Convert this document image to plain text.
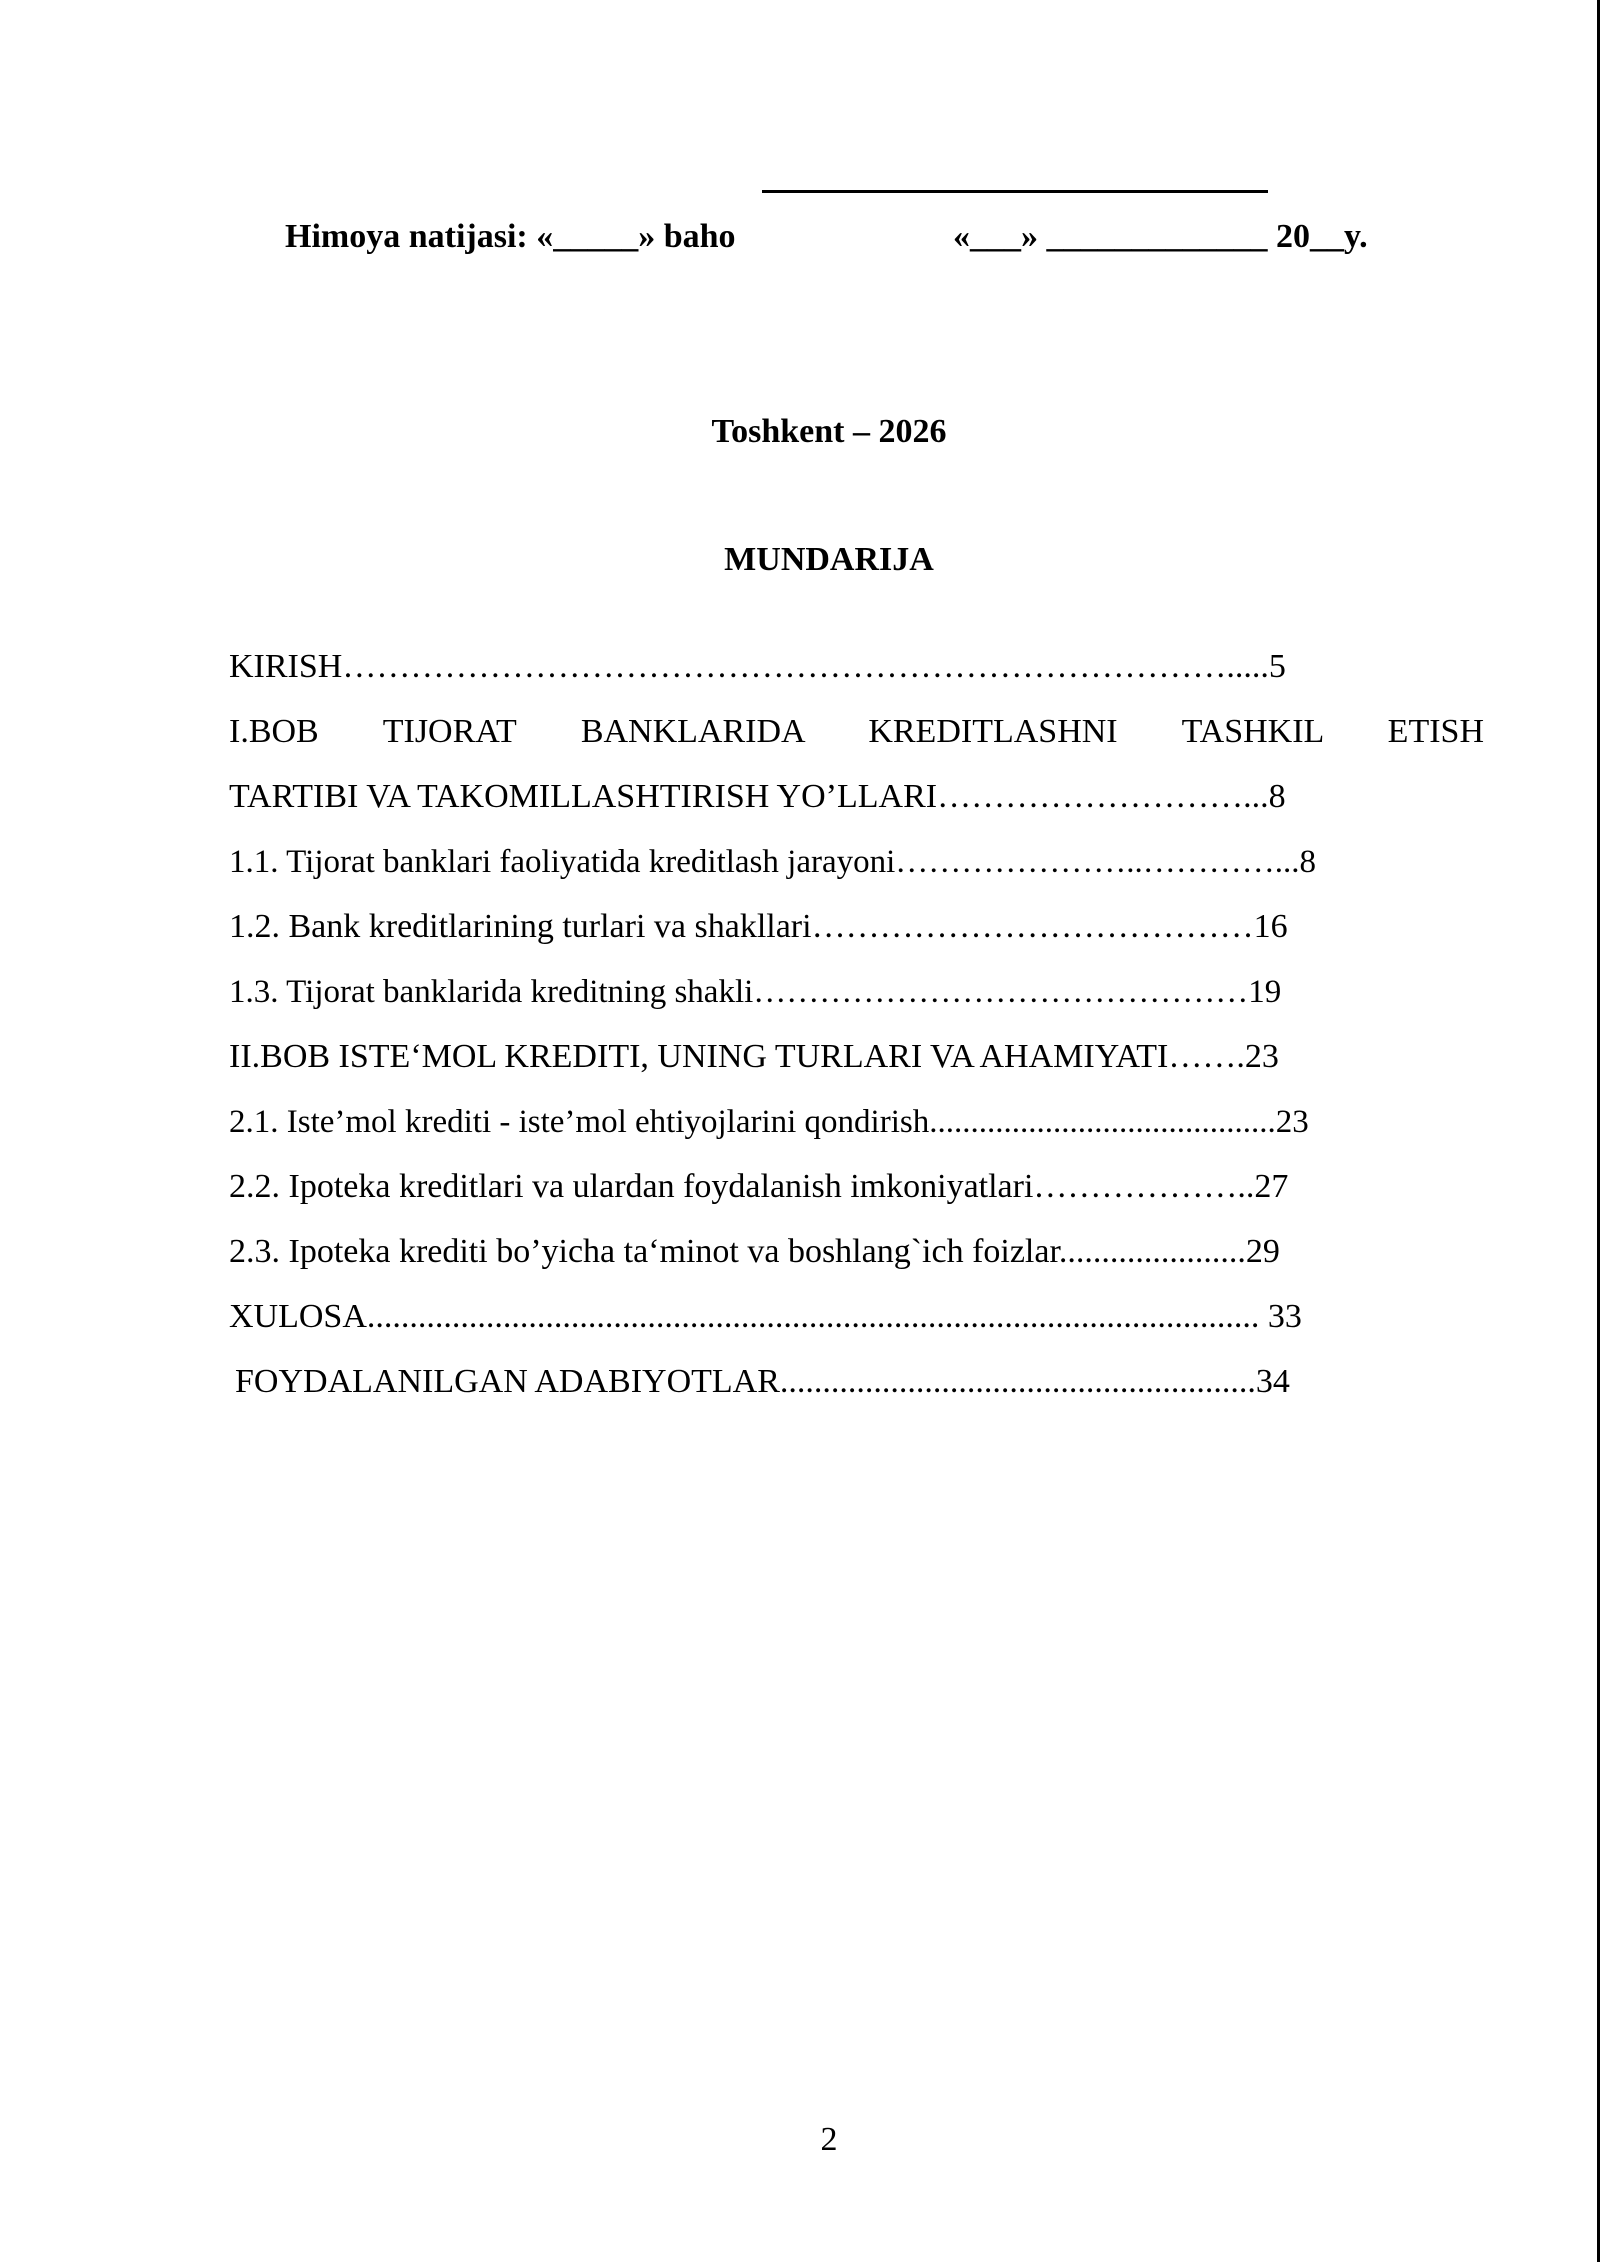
Himoya natijasi: «_____» baho

	«___» _____________ 20__y.

Toshkent – 2026
MUNDARIJA
KIRISH…………………………………………………………………….....5
I.BOB TIJORAT BANKLARIDA KREDITLASHNI TASHKIL ETISH
TARTIBI VA TAKOMILLASHTIRISH YO’LLARI………………………...8
1.1. Tijorat banklari faoliyatida kreditlash jarayoni…………………..…………...8
1.2. Bank kreditlarining turlari va shakllari…………………………………16
1.3. Tijorat banklarida kreditning shakli………………………………………19
II.BOB ISTE‘MOL KREDITI, UNING TURLARI VA AHAMIYATI…….23
2.1. Iste’mol krediti - iste’mol ehtiyojlarini qondirish..........................................23
2.2. Ipoteka kreditlari va ulardan foydalanish imkoniyatlari………………..27
2.3. Ipoteka krediti bo’yicha ta‘minot va boshlang`ich foizlar......................29
XULOSA......................................................................................................... 33
FOYDALANILGAN ADABIYOTLAR........................................................34
2
